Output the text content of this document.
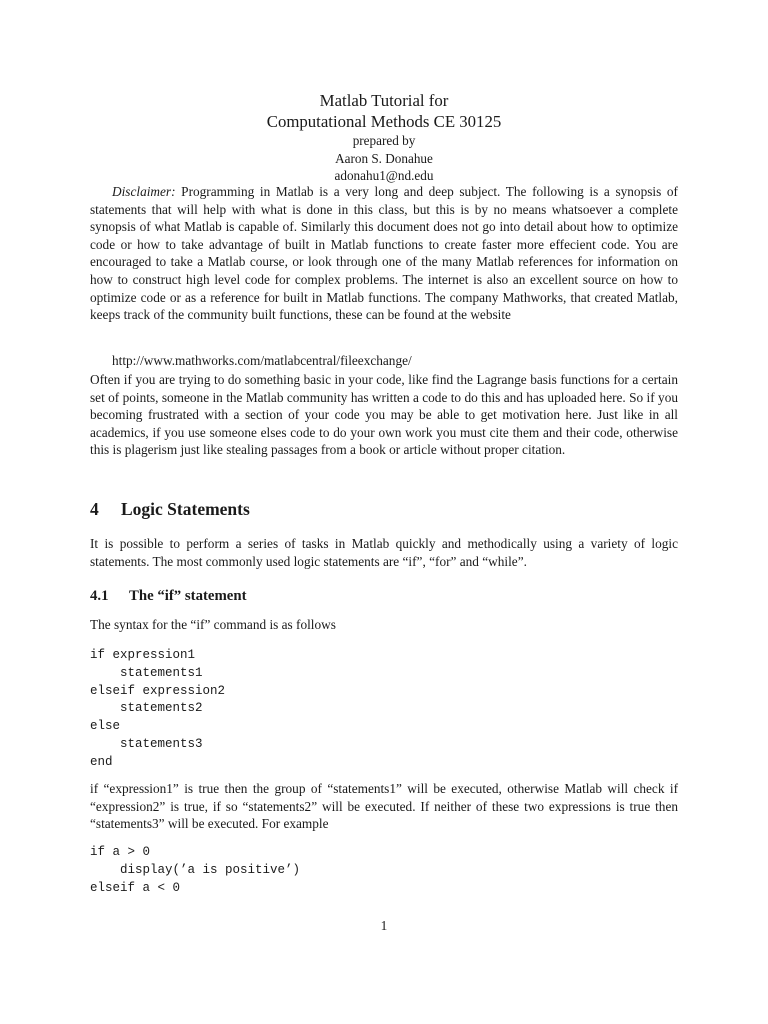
Matlab Tutorial for
Computational Methods CE 30125
prepared by
Aaron S. Donahue
adonahu1@nd.edu
Disclaimer: Programming in Matlab is a very long and deep subject. The following is a synopsis of statements that will help with what is done in this class, but this is by no means whatsoever a complete synopsis of what Matlab is capable of. Similarly this document does not go into detail about how to optimize code or how to take advantage of built in Matlab functions to create faster more effecient code. You are encouraged to take a Matlab course, or look through one of the many Matlab references for information on how to construct high level code for complex problems. The internet is also an excellent source on how to optimize code or as a reference for built in Matlab functions. The company Mathworks, that created Matlab, keeps track of the community built functions, these can be found at the website
http://www.mathworks.com/matlabcentral/fileexchange/
Often if you are trying to do something basic in your code, like find the Lagrange basis functions for a certain set of points, someone in the Matlab community has written a code to do this and has uploaded here. So if you becoming frustrated with a section of your code you may be able to get motivation here. Just like in all academics, if you use someone elses code to do your own work you must cite them and their code, otherwise this is plagerism just like stealing passages from a book or article without proper citation.
4 Logic Statements
It is possible to perform a series of tasks in Matlab quickly and methodically using a variety of logic statements. The most commonly used logic statements are “if”, “for” and “while”.
4.1 The “if” statement
The syntax for the “if” command is as follows
if expression1
statements1
elseif expression2
statements2
else
statements3
end
if “expression1” is true then the group of “statements1” will be executed, otherwise Matlab will check if “expression2” is true, if so “statements2” will be executed. If neither of these two expressions is true then “statements3” will be executed. For example
if a > 0
display(’a is positive’)
elseif a < 0
1
